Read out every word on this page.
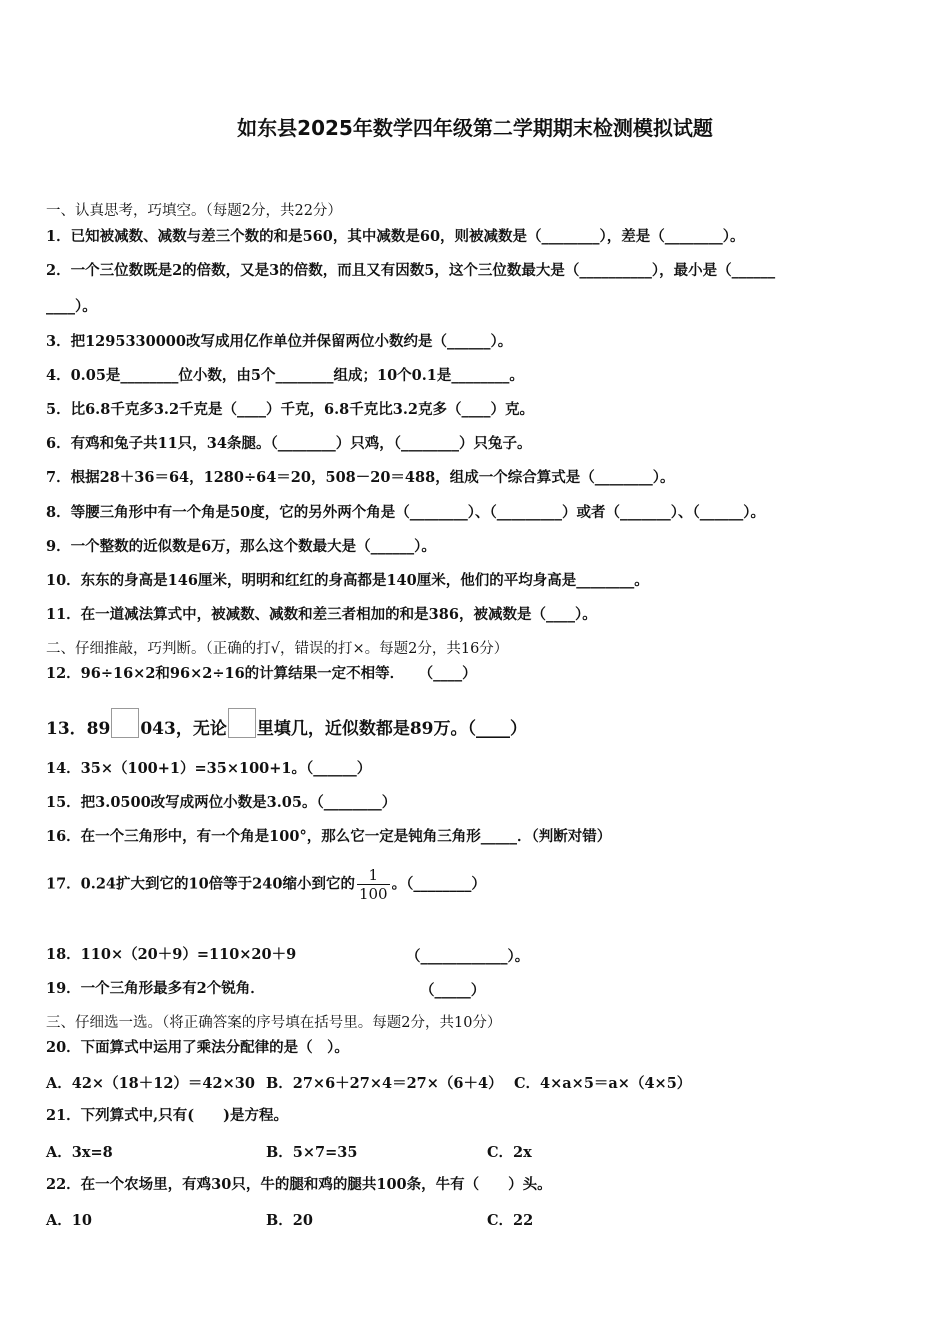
如东县2025年数学四年级第二学期期末检测模拟试题
一、认真思考，巧填空。（每题2分，共22分）
1．已知被减数、减数与差三个数的和是560，其中减数是60，则被减数是（________），差是（________）。
2．一个三位数既是2的倍数，又是3的倍数，而且又有因数5，这个三位数最大是（__________），最小是（______
____）。
3．把1295330000改写成用亿作单位并保留两位小数约是（______）。
4．0.05是________位小数，由5个________组成；10个0.1是________。
5．比6.8千克多3.2千克是（____）千克，6.8千克比3.2克多（____）克。
6．有鸡和兔子共11只，34条腿。（________）只鸡，（________）只兔子。
7．根据28＋36＝64，1280÷64＝20，508－20＝488，组成一个综合算式是（________）。
8．等腰三角形中有一个角是50度，它的另外两个角是（________）、（_________）或者（_______）、（______）。
9．一个整数的近似数是6万，那么这个数最大是（______）。
10．东东的身高是146厘米，明明和红红的身高都是140厘米，他们的平均身高是________。
11．在一道减法算式中，被减数、减数和差三者相加的和是386，被减数是（____）。
二、仔细推敲，巧判断。（正确的打√，错误的打×。每题2分，共16分）
12．96÷16×2和96×2÷16的计算结果一定不相等．　　（____）
13．89 043，无论 里填几，近似数都是89万。（____）
14．35×（100+1）=35×100+1。（______）
15．把3.0500改写成两位小数是3.05。（________）
16．在一个三角形中，有一个角是100°，那么它一定是钝角三角形_____．（判断对错）
17．0.24扩大到它的10倍等于240缩小到它的 $\frac{1}{100}$ 。（________）
18．110×（20＋9）=110×20＋9	（____________）。
19．一个三角形最多有2个锐角．	（_____）
三、仔细选一选。（将正确答案的序号填在括号里。每题2分，共10分）
20．下面算式中运用了乘法分配律的是（　）。
A．42×（18＋12）＝42×30 B．27×6＋27×4＝27×（6＋4） C．4×a×5＝a×（4×5）
21．下列算式中,只有(　　)是方程。
A．3x=8	B．5×7=35	C．2x
22．在一个农场里，有鸡30只，牛的腿和鸡的腿共100条，牛有（　　）头。
A．10	B．20	C．22
